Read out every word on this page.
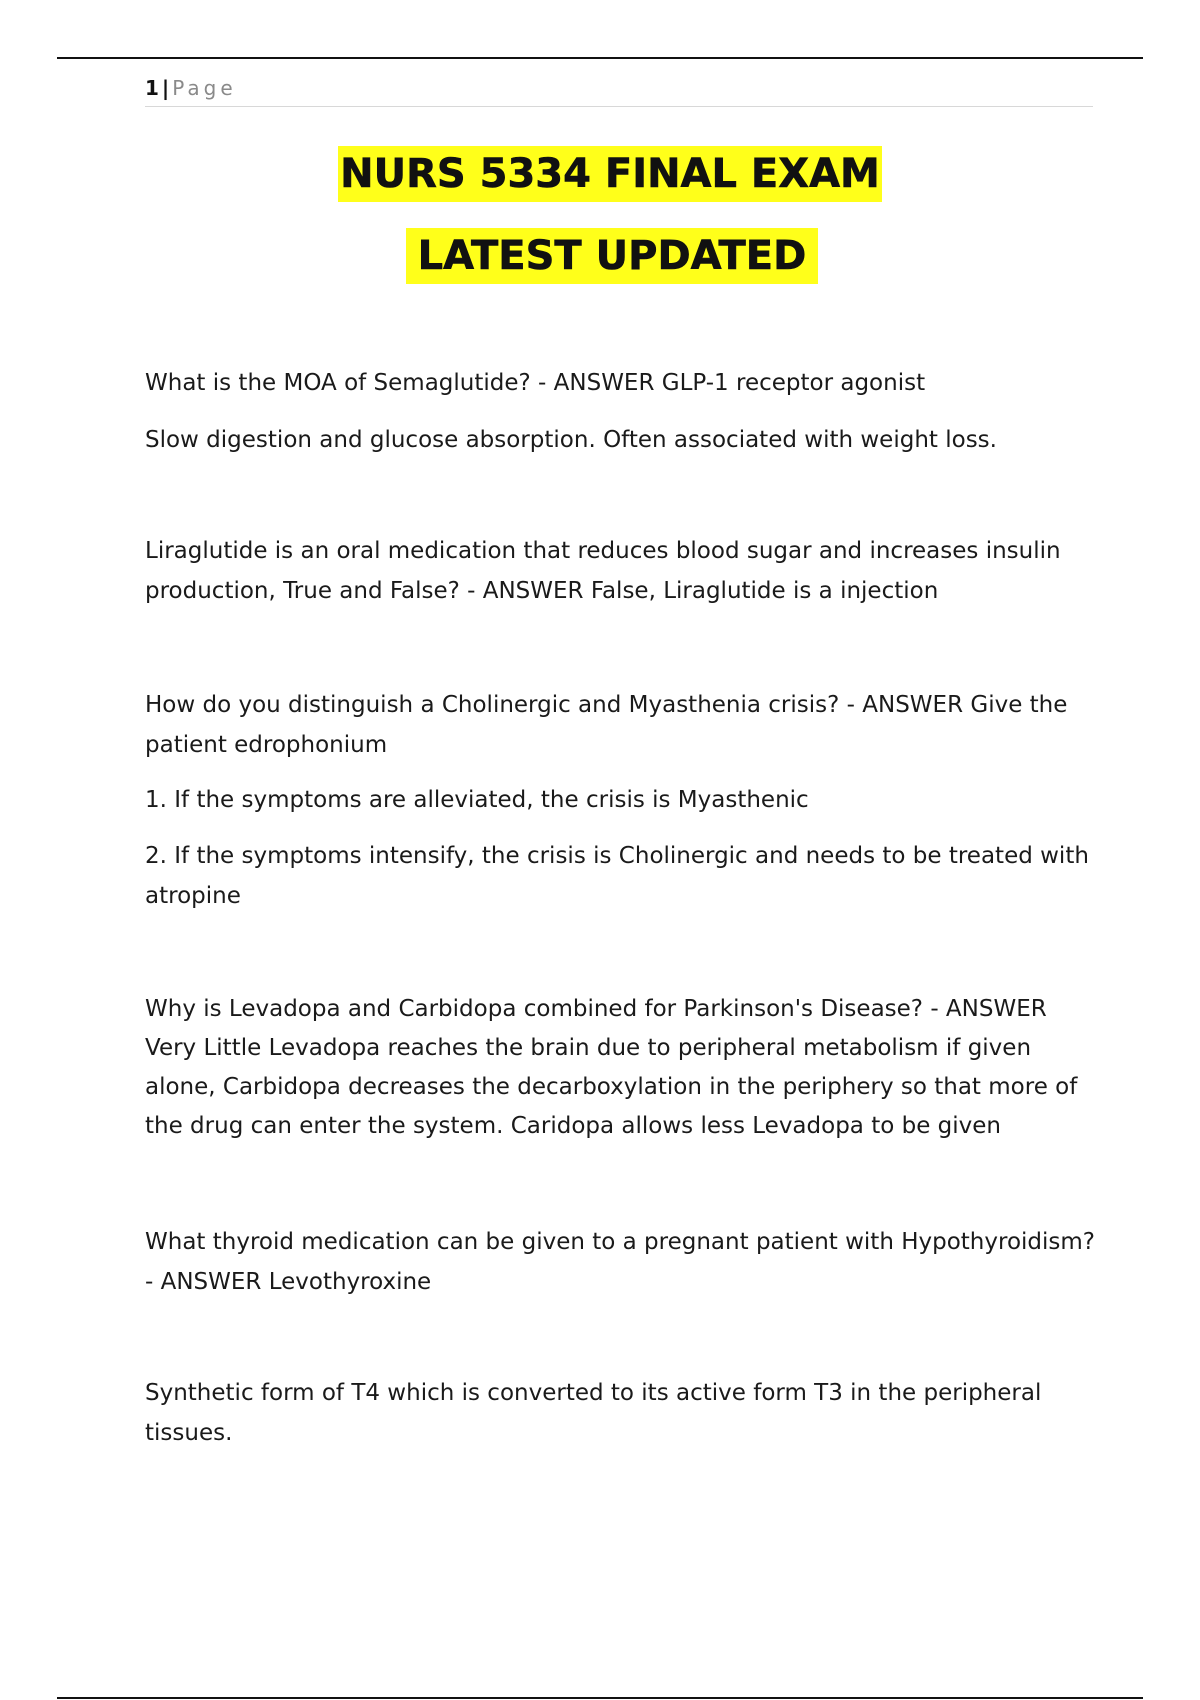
1 | Page
NURS 5334 FINAL EXAM
LATEST UPDATED

What is the MOA of Semaglutide? - ANSWER GLP-1 receptor agonist

Slow digestion and glucose absorption. Often associated with weight loss.

Liraglutide is an oral medication that reduces blood sugar and increases insulin production, True and False? - ANSWER False, Liraglutide is a injection

How do you distinguish a Cholinergic and Myasthenia crisis? - ANSWER Give the patient edrophonium

1. If the symptoms are alleviated, the crisis is Myasthenic

2. If the symptoms intensify, the crisis is Cholinergic and needs to be treated with atropine

Why is Levadopa and Carbidopa combined for Parkinson's Disease? - ANSWER Very Little Levadopa reaches the brain due to peripheral metabolism if given alone, Carbidopa decreases the decarboxylation in the periphery so that more of the drug can enter the system. Caridopa allows less Levadopa to be given

What thyroid medication can be given to a pregnant patient with Hypothyroidism? - ANSWER Levothyroxine

Synthetic form of T4 which is converted to its active form T3 in the peripheral tissues.
